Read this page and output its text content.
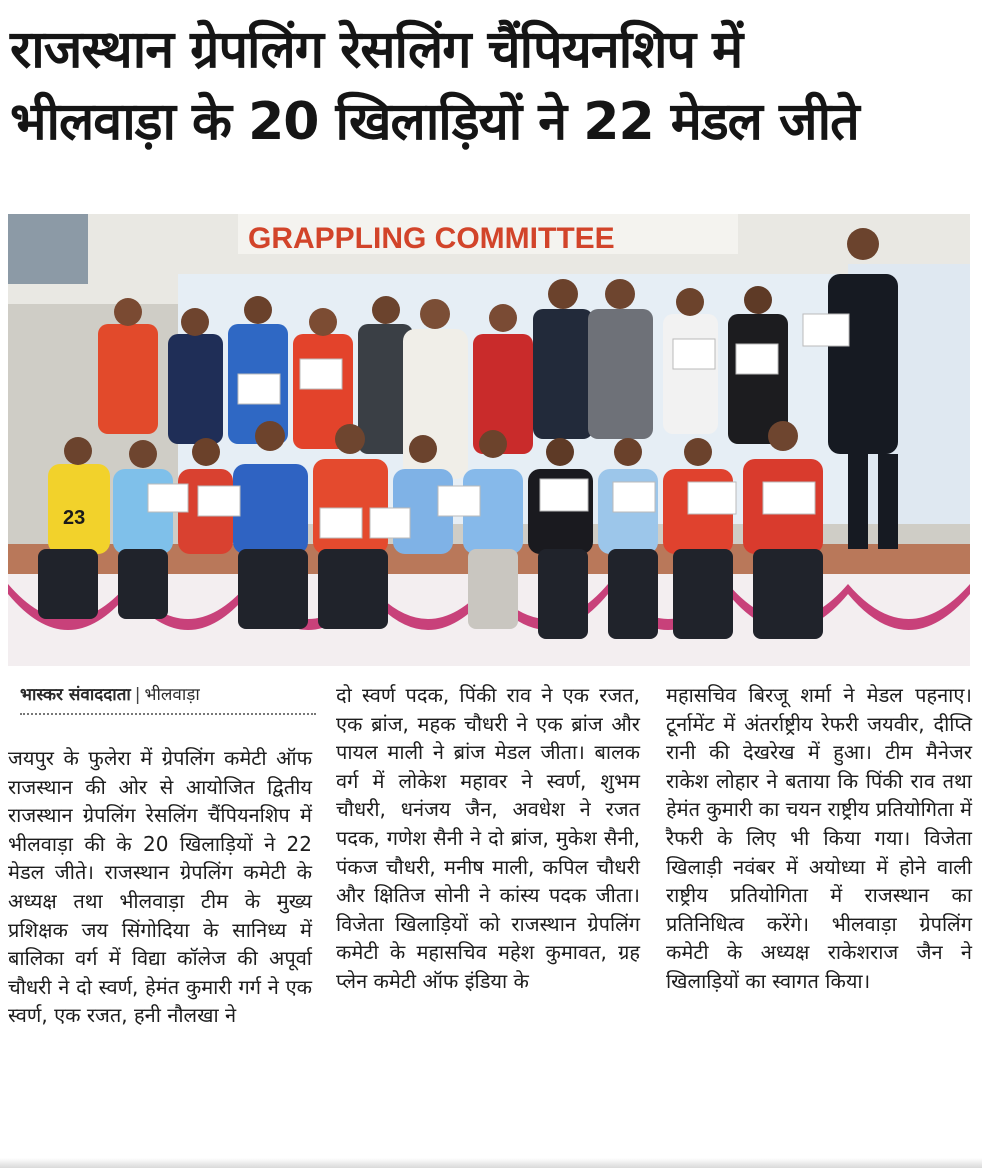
राजस्थान ग्रेपलिंग रेसलिंग चैंपियनशिप में
भीलवाड़ा के 20 खिलाड़ियों ने 22 मेडल जीते
GRAPPLING COMMITTEE
23
भास्कर संवाददाता | भीलवाड़ा
जयपुर के फुलेरा में ग्रेपलिंग कमेटी ऑफ राजस्थान की ओर से आयोजित द्वितीय राजस्थान ग्रेपलिंग रेसलिंग चैंपियनशिप में भीलवाड़ा की के 20 खिलाड़ियों ने 22 मेडल जीते। राजस्थान ग्रेपलिंग कमेटी के अध्यक्ष तथा भीलवाड़ा टीम के मुख्य प्रशिक्षक जय सिंगोदिया के सानिध्य में बालिका वर्ग में विद्या कॉलेज की अपूर्वा चौधरी ने दो स्वर्ण, हेमंत कुमारी गर्ग ने एक स्वर्ण, एक रजत, हनी नौलखा ने
दो स्वर्ण पदक, पिंकी राव ने एक रजत, एक ब्रांज, महक चौधरी ने एक ब्रांज और पायल माली ने ब्रांज मेडल जीता। बालक वर्ग में लोकेश महावर ने स्वर्ण, शुभम चौधरी, धनंजय जैन, अवधेश ने रजत पदक, गणेश सैनी ने दो ब्रांज, मुकेश सैनी, पंकज चौधरी, मनीष माली, कपिल चौधरी और क्षितिज सोनी ने कांस्य पदक जीता। विजेता खिलाड़ियों को राजस्थान ग्रेपलिंग कमेटी के महासचिव महेश कुमावत, ग्रह प्लेन कमेटी ऑफ इंडिया के
महासचिव बिरजू शर्मा ने मेडल पहनाए। टूर्नामेंट में अंतर्राष्ट्रीय रेफरी जयवीर, दीप्ति रानी की देखरेख में हुआ। टीम मैनेजर राकेश लोहार ने बताया कि पिंकी राव तथा हेमंत कुमारी का चयन राष्ट्रीय प्रतियोगिता में रैफरी के लिए भी किया गया। विजेता खिलाड़ी नवंबर में अयोध्या में होने वाली राष्ट्रीय प्रतियोगिता में राजस्थान का प्रतिनिधित्व करेंगे। भीलवाड़ा ग्रेपलिंग कमेटी के अध्यक्ष राकेशराज जैन ने खिलाड़ियों का स्वागत किया।
